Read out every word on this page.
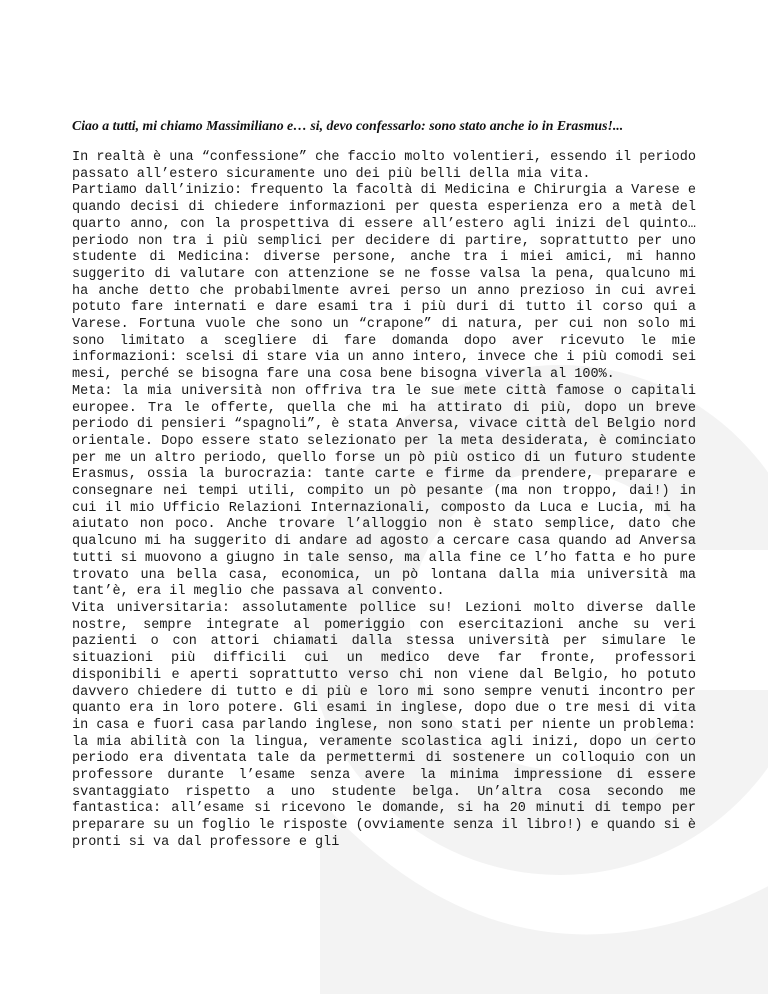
Ciao a tutti, mi chiamo Massimiliano e… si, devo confessarlo: sono stato anche io in Erasmus!...

In realtà è una “confessione” che faccio molto volentieri, essendo il periodo passato all’estero sicuramente uno dei più belli della mia vita.

Partiamo dall’inizio: frequento la facoltà di Medicina e Chirurgia a Varese e quando decisi di chiedere informazioni per questa esperienza ero a metà del quarto anno, con la prospettiva di essere all’estero agli inizi del quinto… periodo non tra i più semplici per decidere di partire, soprattutto per uno studente di Medicina: diverse persone, anche tra i miei amici, mi hanno suggerito di valutare con attenzione se ne fosse valsa la pena, qualcuno mi ha anche detto che probabilmente avrei perso un anno prezioso in cui avrei potuto fare internati e dare esami tra i più duri di tutto il corso qui a Varese. Fortuna vuole che sono un “crapone” di natura, per cui non solo mi sono limitato a scegliere di fare domanda dopo aver ricevuto le mie informazioni: scelsi di stare via un anno intero, invece che i più comodi sei mesi, perché se bisogna fare una cosa bene bisogna viverla al 100%.

Meta: la mia università non offriva tra le sue mete città famose o capitali europee. Tra le offerte, quella che mi ha attirato di più, dopo un breve periodo di pensieri “spagnoli”, è stata Anversa, vivace città del Belgio nord orientale. Dopo essere stato selezionato per la meta desiderata, è cominciato per me un altro periodo, quello forse un pò più ostico di un futuro studente Erasmus, ossia la burocrazia: tante carte e firme da prendere, preparare e consegnare nei tempi utili, compito un pò pesante (ma non troppo, dai!) in cui il mio Ufficio Relazioni Internazionali, composto da Luca e Lucia, mi ha aiutato non poco. Anche trovare l’alloggio non è stato semplice, dato che qualcuno mi ha suggerito di andare ad agosto a cercare casa quando ad Anversa tutti si muovono a giugno in tale senso, ma alla fine ce l’ho fatta e ho pure trovato una bella casa, economica, un pò lontana dalla mia università ma tant’è, era il meglio che passava al convento.

Vita universitaria: assolutamente pollice su! Lezioni molto diverse dalle nostre, sempre integrate al pomeriggio con esercitazioni anche su veri pazienti o con attori chiamati dalla stessa università per simulare le situazioni più difficili cui un medico deve far fronte, professori disponibili e aperti soprattutto verso chi non viene dal Belgio, ho potuto davvero chiedere di tutto e di più e loro mi sono sempre venuti incontro per quanto era in loro potere. Gli esami in inglese, dopo due o tre mesi di vita in casa e fuori casa parlando inglese, non sono stati per niente un problema: la mia abilità con la lingua, veramente scolastica agli inizi, dopo un certo periodo era diventata tale da permettermi di sostenere un colloquio con un professore durante l’esame senza avere la minima impressione di essere svantaggiato rispetto a uno studente belga. Un’altra cosa secondo me fantastica: all’esame si ricevono le domande, si ha 20 minuti di tempo per preparare su un foglio le risposte (ovviamente senza il libro!) e quando si è pronti si va dal professore e gli
